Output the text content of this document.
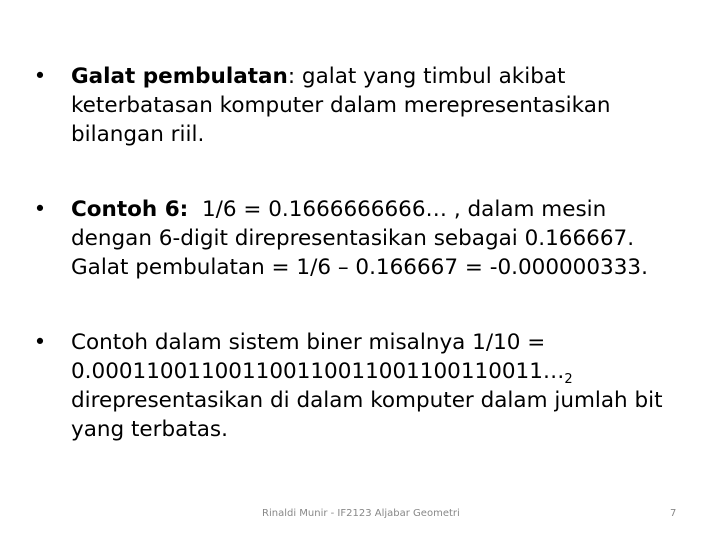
• Galat pembulatan: galat yang timbul akibat keterbatasan komputer dalam merepresentasikan bilangan riil.
• Contoh 6: 1/6 = 0.1666666666… , dalam mesin dengan 6-digit direpresentasikan sebagai 0.166667.
Galat pembulatan = 1/6 – 0.166667 = -0.000000333.
• Contoh dalam sistem biner misalnya $1/10 = 0.000110011001100110011001100110011\dots_2$ direpresentasikan di dalam komputer dalam jumlah bit yang terbatas.
Rinaldi Munir - IF2123 Aljabar Geometri	7
